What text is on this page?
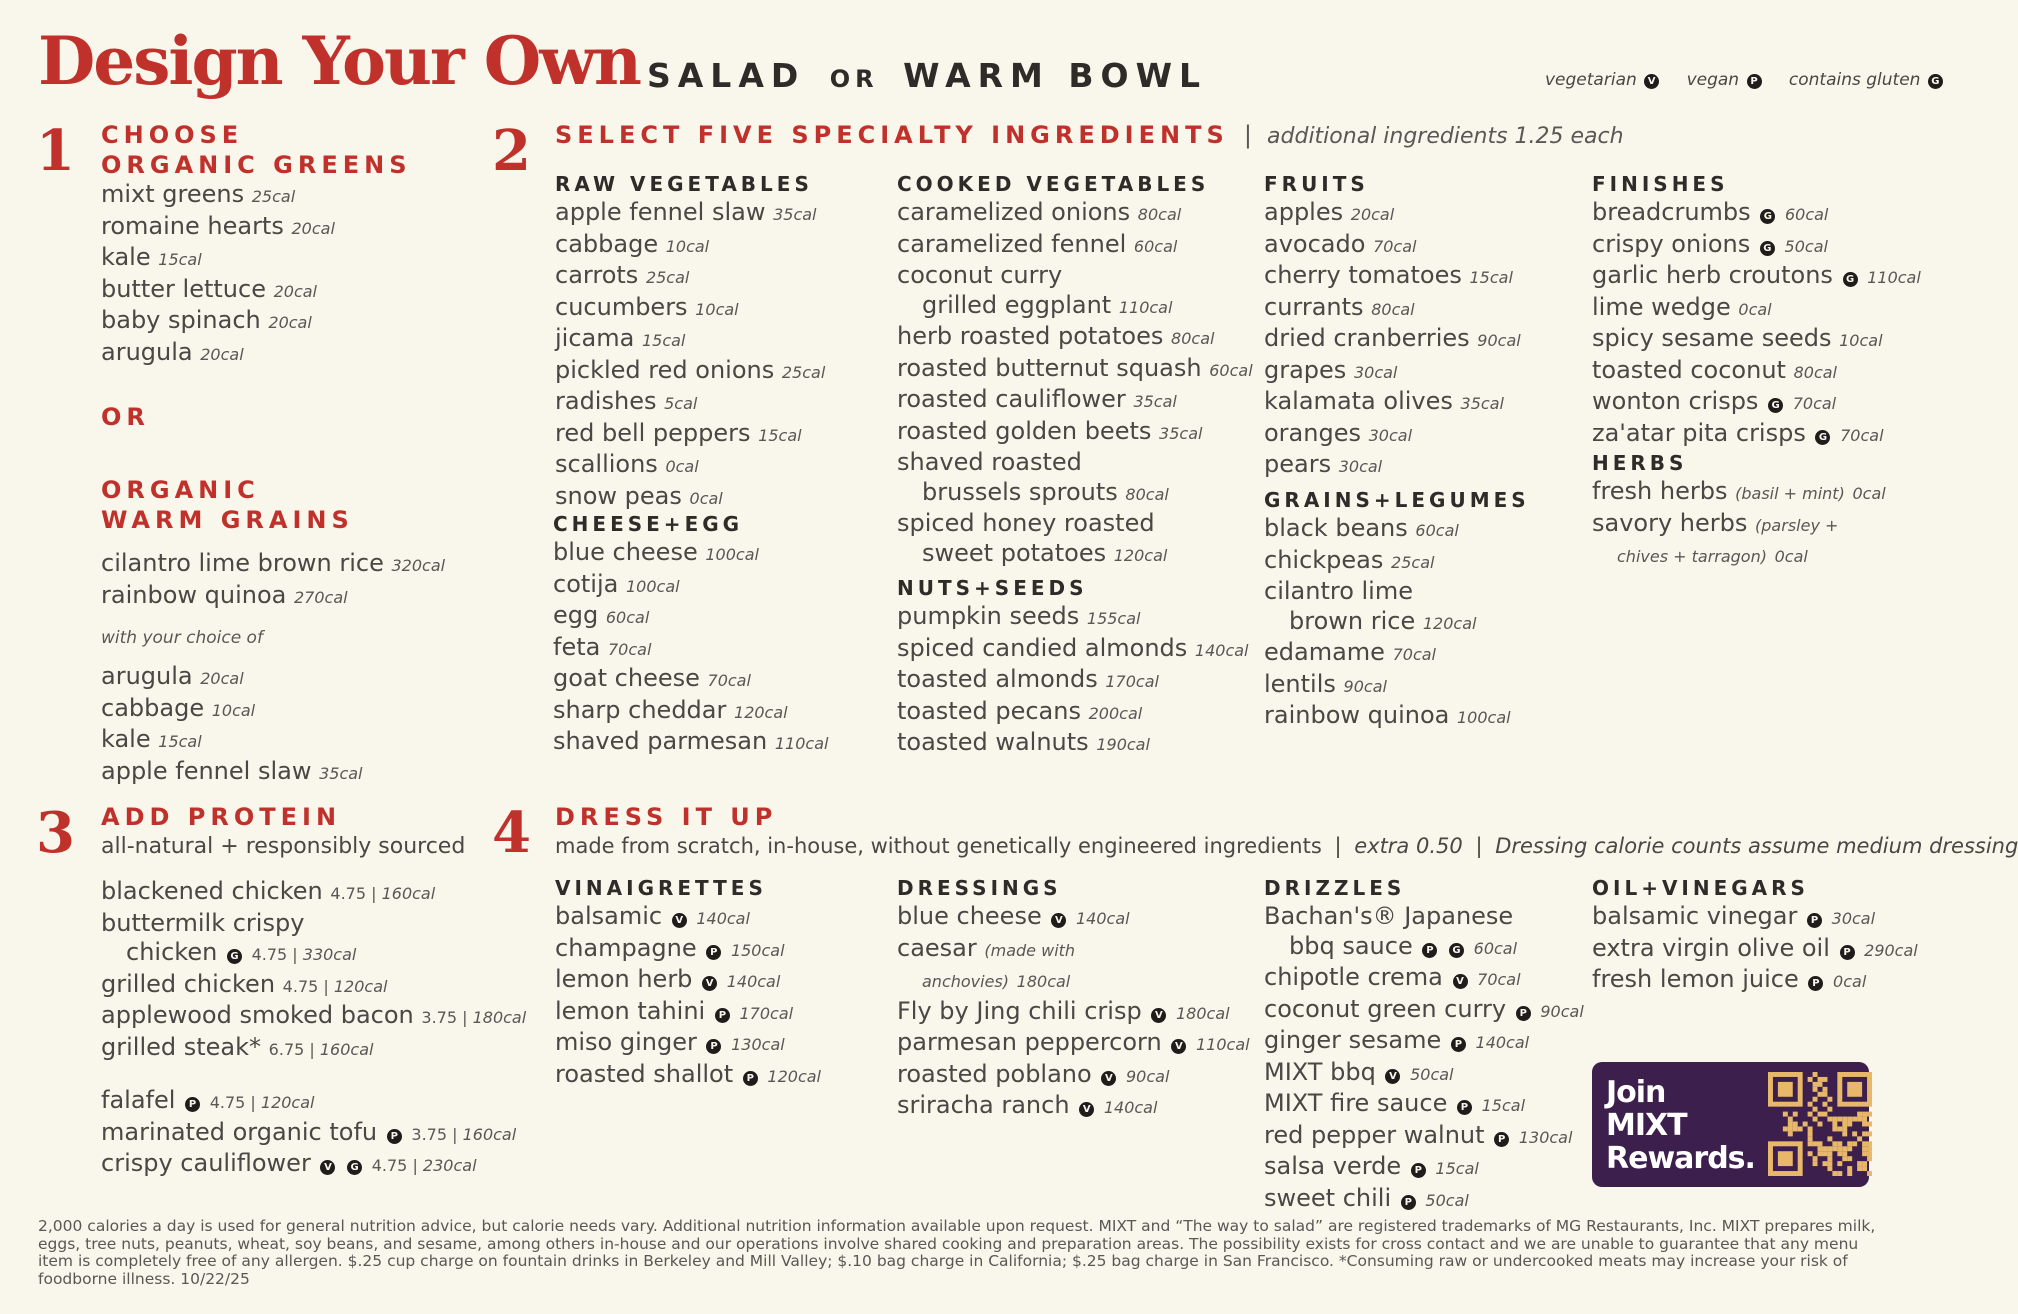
Design Your Own SALAD OR WARM BOWL	vegetarian V vegan P contains gluten G
1 CHOOSE
ORGANIC GREENS
mixt greens 25cal
romaine hearts 20cal
kale 15cal
butter lettuce 20cal
baby spinach 20cal
arugula 20cal
OR
ORGANIC
WARM GRAINS
cilantro lime brown rice 320cal
rainbow quinoa 270cal
with your choice of
arugula 20cal
cabbage 10cal
kale 15cal
apple fennel slaw 35cal
2 SELECT FIVE SPECIALTY INGREDIENTS | additional ingredients 1.25 each
RAW VEGETABLES
apple fennel slaw 35cal
cabbage 10cal
carrots 25cal
cucumbers 10cal
jicama 15cal
pickled red onions 25cal
radishes 5cal
red bell peppers 15cal
scallions 0cal
snow peas 0cal
CHEESE+EGG
blue cheese 100cal
cotija 100cal
egg 60cal
feta 70cal
goat cheese 70cal
sharp cheddar 120cal
shaved parmesan 110cal
COOKED VEGETABLES
caramelized onions 80cal
caramelized fennel 60cal
coconut curry
grilled eggplant 110cal
herb roasted potatoes 80cal
roasted butternut squash 60cal
roasted cauliflower 35cal
roasted golden beets 35cal
shaved roasted
brussels sprouts 80cal
spiced honey roasted
sweet potatoes 120cal
NUTS+SEEDS
pumpkin seeds 155cal
spiced candied almonds 140cal
toasted almonds 170cal
toasted pecans 200cal
toasted walnuts 190cal
FRUITS
apples 20cal
avocado 70cal
cherry tomatoes 15cal
currants 80cal
dried cranberries 90cal
grapes 30cal
kalamata olives 35cal
oranges 30cal
pears 30cal
GRAINS+LEGUMES
black beans 60cal
chickpeas 25cal
cilantro lime
brown rice 120cal
edamame 70cal
lentils 90cal
rainbow quinoa 100cal
FINISHES
breadcrumbs G 60cal
crispy onions G 50cal
garlic herb croutons G 110cal
lime wedge 0cal
spicy sesame seeds 10cal
toasted coconut 80cal
wonton crisps G 70cal
za'atar pita crisps G 70cal
HERBS
fresh herbs (basil + mint) 0cal
savory herbs (parsley +
chives + tarragon) 0cal
3 ADD PROTEIN
all-natural + responsibly sourced
blackened chicken 4.75 | 160cal
buttermilk crispy
chicken G 4.75 | 330cal
grilled chicken 4.75 | 120cal
applewood smoked bacon 3.75 | 180cal
grilled steak* 6.75 | 160cal
falafel P 4.75 | 120cal
marinated organic tofu P 3.75 | 160cal
crispy cauliflower V G 4.75 | 230cal
4 DRESS IT UP
made from scratch, in-house, without genetically engineered ingredients | extra 0.50 | Dressing calorie counts assume medium dressing
VINAIGRETTES
balsamic V 140cal
champagne P 150cal
lemon herb V 140cal
lemon tahini P 170cal
miso ginger P 130cal
roasted shallot P 120cal
DRESSINGS
blue cheese V 140cal
caesar (made with
anchovies) 180cal
Fly by Jing chili crisp V 180cal
parmesan peppercorn V 110cal
roasted poblano V 90cal
sriracha ranch V 140cal
DRIZZLES
Bachan's® Japanese
bbq sauce P G 60cal
chipotle crema V 70cal
coconut green curry P 90cal
ginger sesame P 140cal
MIXT bbq V 50cal
MIXT fire sauce P 15cal
red pepper walnut P 130cal
salsa verde P 15cal
sweet chili P 50cal
OIL+VINEGARS
balsamic vinegar P 30cal
extra virgin olive oil P 290cal
fresh lemon juice P 0cal
Join
MIXT
Rewards.
2,000 calories a day is used for general nutrition advice, but calorie needs vary. Additional nutrition information available upon request. MIXT and “The way to salad” are registered trademarks of MG Restaurants, Inc. MIXT prepares milk, eggs, tree nuts, peanuts, wheat, soy beans, and sesame, among others in-house and our operations involve shared cooking and preparation areas. The possibility exists for cross contact and we are unable to guarantee that any menu item is completely free of any allergen. $.25 cup charge on fountain drinks in Berkeley and Mill Valley; $.10 bag charge in California; $.25 bag charge in San Francisco. *Consuming raw or undercooked meats may increase your risk of foodborne illness. 10/22/25
